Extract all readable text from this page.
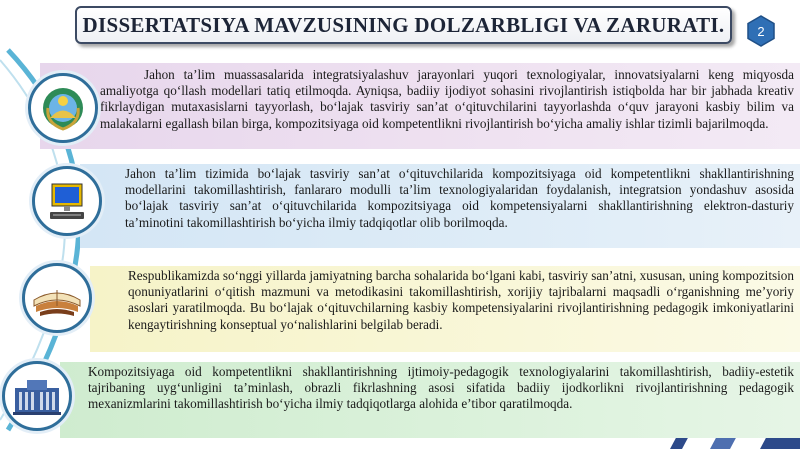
DISSERTATSIYA MAVZUSINING DOLZARBLIGI VA ZARURATI.	2

Jahon ta’lim muassasalarida integratsiyalashuv jarayonlari yuqori texnologiyalar, innovatsiyalarni keng miqyosda amaliyotga qo‘llash modellari tatiq etilmoqda. Ayniqsa, badiiy ijodiyot sohasini rivojlantirish istiqbolda har bir jabhada kreativ fikrlaydigan mutaxasislarni tayyorlash, bo‘lajak tasviriy san’at o‘qituvchilarini tayyorlashda o‘quv jarayoni kasbiy bilim va malakalarni egallash bilan birga, kompozitsiyaga oid kompetentlikni rivojlantirish bo‘yicha amaliy ishlar tizimli bajarilmoqda.

Jahon ta’lim tizimida bo‘lajak tasviriy san’at o‘qituvchilarida kompozitsiyaga oid kompetentlikni shakllantirishning modellarini takomillashtirish, fanlararo modulli ta’lim texnologiyalaridan foydalanish, integratsion yondashuv asosida bo‘lajak tasviriy san’at o‘qituvchilarida kompozitsiyaga oid kompetensiyalarni shakllantirishning elektron-dasturiy ta’minotini takomillashtirish bo‘yicha ilmiy tadqiqotlar olib borilmoqda.

Respublikamizda so‘nggi yillarda jamiyatning barcha sohalarida bo‘lgani kabi, tasviriy san’atni, xususan, uning kompozitsion qonuniyatlarini o‘qitish mazmuni va metodikasini takomillashtirish, xorijiy tajribalarni maqsadli o‘rganishning me’yoriy asoslari yaratilmoqda. Bu bo‘lajak o‘qituvchilarning kasbiy kompetensiyalarini rivojlantirishning pedagogik imkoniyatlarini kengaytirishning konseptual yo‘nalishlarini belgilab beradi.

Kompozitsiyaga oid kompetentlikni shakllantirishning ijtimoiy-pedagogik texnologiyalarini takomillashtirish, badiiy-estetik tajribaning uyg‘unligini ta’minlash, obrazli fikrlashning asosi sifatida badiiy ijodkorlikni rivojlantirishning pedagogik mexanizmlarini takomillashtirish bo‘yicha ilmiy tadqiqotlarga alohida e’tibor qaratilmoqda.
